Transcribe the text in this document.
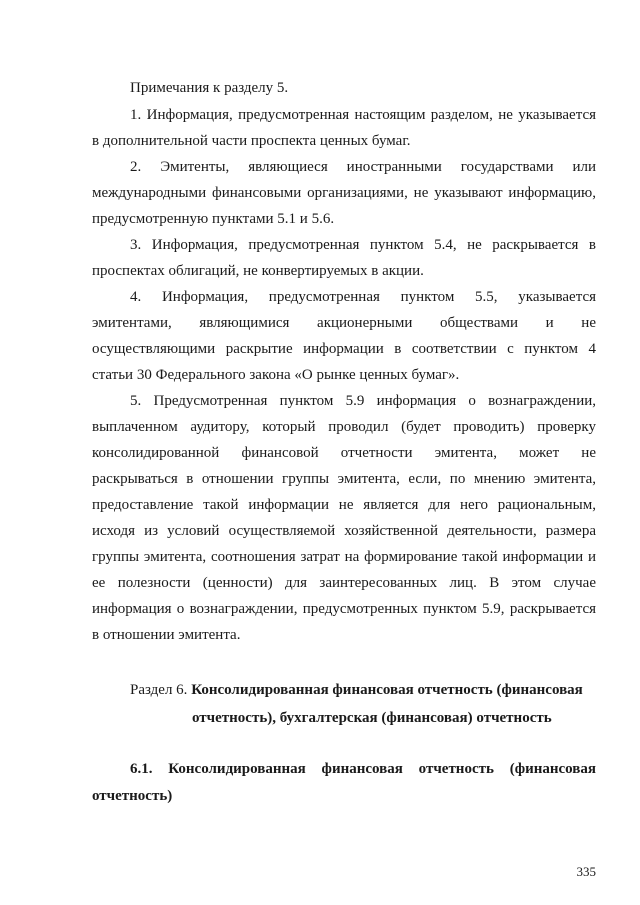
Примечания к разделу 5.
1. Информация, предусмотренная настоящим разделом, не указывается
в дополнительной части проспекта ценных бумаг.
2. Эмитенты, являющиеся иностранными государствами или
международными финансовыми организациями, не указывают информацию,
предусмотренную пунктами 5.1 и 5.6.
3. Информация, предусмотренная пунктом 5.4, не раскрывается в
проспектах облигаций, не конвертируемых в акции.
4. Информация, предусмотренная пунктом 5.5, указывается
эмитентами, являющимися акционерными обществами и не
осуществляющими раскрытие информации в соответствии с пунктом 4
статьи 30 Федерального закона «О рынке ценных бумаг».
5. Предусмотренная пунктом 5.9 информация о вознаграждении,
выплаченном аудитору, который проводил (будет проводить) проверку
консолидированной финансовой отчетности эмитента, может не
раскрываться в отношении группы эмитента, если, по мнению эмитента,
предоставление такой информации не является для него рациональным,
исходя из условий осуществляемой хозяйственной деятельности, размера
группы эмитента, соотношения затрат на формирование такой информации и
ее полезности (ценности) для заинтересованных лиц. В этом случае
информация о вознаграждении, предусмотренных пунктом 5.9, раскрывается
в отношении эмитента.
Раздел 6. Консолидированная финансовая отчетность (финансовая
отчетность), бухгалтерская (финансовая) отчетность
6.1. Консолидированная финансовая отчетность (финансовая
отчетность)
335
